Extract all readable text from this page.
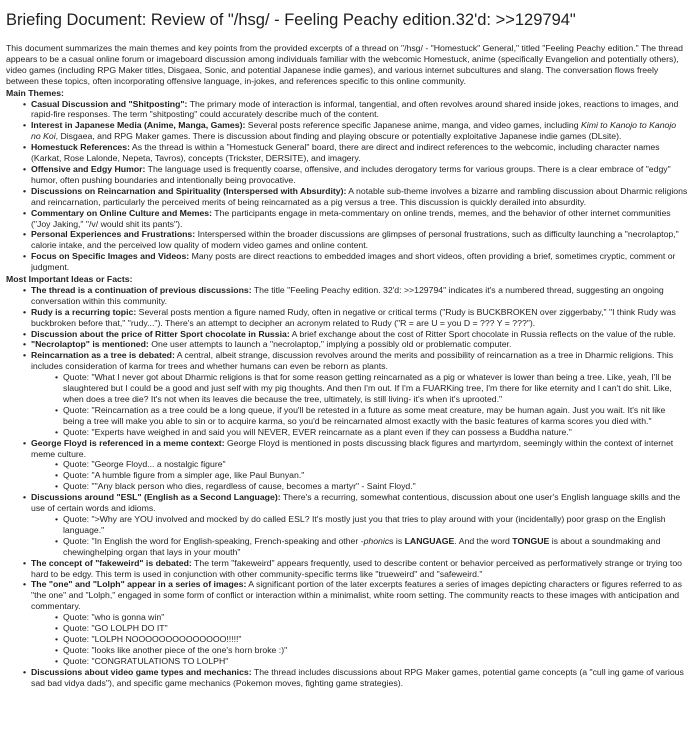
Briefing Document: Review of "/hsg/ - Feeling Peachy edition.32'd: >>129794"

This document summarizes the main themes and key points from the provided excerpts of a thread on "/hsg/ - "Homestuck" General," titled "Feeling Peachy edition." The thread appears to be a casual online forum or imageboard discussion among individuals familiar with the webcomic Homestuck, anime (specifically Evangelion and potentially others), video games (including RPG Maker titles, Disgaea, Sonic, and potential Japanese indie games), and various internet subcultures and slang. The conversation flows freely between these topics, often incorporating offensive language, in-jokes, and references specific to this online community.

Main Themes:
• Casual Discussion and "Shitposting": The primary mode of interaction is informal, tangential, and often revolves around shared inside jokes, reactions to images, and rapid-fire responses. The term "shitposting" could accurately describe much of the content.
• Interest in Japanese Media (Anime, Manga, Games): Several posts reference specific Japanese anime, manga, and video games, including Kimi to Kanojo to Kanojo no Koi, Disgaea, and RPG Maker games. There is discussion about finding and playing obscure or potentially exploitative Japanese indie games (DLsite).
• Homestuck References: As the thread is within a "Homestuck General" board, there are direct and indirect references to the webcomic, including character names (Karkat, Rose Lalonde, Nepeta, Tavros), concepts (Trickster, DERSITE), and imagery.
• Offensive and Edgy Humor: The language used is frequently coarse, offensive, and includes derogatory terms for various groups. There is a clear embrace of "edgy" humor, often pushing boundaries and intentionally being provocative.
• Discussions on Reincarnation and Spirituality (Interspersed with Absurdity): A notable sub-theme involves a bizarre and rambling discussion about Dharmic religions and reincarnation, particularly the perceived merits of being reincarnated as a pig versus a tree. This discussion is quickly derailed into absurdity.
• Commentary on Online Culture and Memes: The participants engage in meta-commentary on online trends, memes, and the behavior of other internet communities ("Joy Jaking," "/v/ would shit its pants").
• Personal Experiences and Frustrations: Interspersed within the broader discussions are glimpses of personal frustrations, such as difficulty launching a "necrolaptop," calorie intake, and the perceived low quality of modern video games and online content.
• Focus on Specific Images and Videos: Many posts are direct reactions to embedded images and short videos, often providing a brief, sometimes cryptic, comment or judgment.
Most Important Ideas or Facts:
• The thread is a continuation of previous discussions: The title "Feeling Peachy edition. 32'd: >>129794" indicates it's a numbered thread, suggesting an ongoing conversation within this community.
• Rudy is a recurring topic: Several posts mention a figure named Rudy, often in negative or critical terms ("Rudy is BUCKBROKEN over ziggerbaby," "I think Rudy was buckbroken before that," "rudy..."). There's an attempt to decipher an acronym related to Rudy ("R = are U = you D = ??? Y = ???").
• Discussion about the price of Ritter Sport chocolate in Russia: A brief exchange about the cost of Ritter Sport chocolate in Russia reflects on the value of the ruble.
• "Necrolaptop" is mentioned: One user attempts to launch a "necrolaptop," implying a possibly old or problematic computer.
• Reincarnation as a tree is debated: A central, albeit strange, discussion revolves around the merits and possibility of reincarnation as a tree in Dharmic religions. This includes consideration of karma for trees and whether humans can even be reborn as plants.
• Quote: "What I never got about Dharmic religions is that for some reason getting reincarnated as a pig or whatever is lower than being a tree. Like, yeah, I'll be slaughtered but I could be a good and just self with my pig thoughts. And then I'm out. If I'm a FUARKing tree, I'm there for like eternity and I can't do shit. Like, when does a tree die? It's not when its leaves die because the tree, ultimately, is still living- it's when it's uprooted."
• Quote: "Reincarnation as a tree could be a long queue, if you'll be retested in a future as some meat creature, may be human again. Just you wait. It's nit like being a tree will make you able to sin or to acquire karma, so you'd be reincarnated almost exactly with the basic features of karma scores you died with."
• Quote: "Experts have weighed in and said you will NEVER, EVER reincarnate as a plant even if they can possess a Buddha nature."
• George Floyd is referenced in a meme context: George Floyd is mentioned in posts discussing black figures and martyrdom, seemingly within the context of internet meme culture.
• Quote: "George Floyd... a nostalgic figure"
• Quote: "A humble figure from a simpler age, like Paul Bunyan."
• Quote: ""Any black person who dies, regardless of cause, becomes a martyr" - Saint Floyd."
• Discussions around "ESL" (English as a Second Language): There's a recurring, somewhat contentious, discussion about one user's English language skills and the use of certain words and idioms.
• Quote: ">Why are YOU involved and mocked by do called ESL? It's mostly just you that tries to play around with your (incidentally) poor grasp on the English language."
• Quote: "In English the word for English-speaking, French-speaking and other -phonics is LANGUAGE. And the word TONGUE is about a soundmaking and chewinghelping organ that lays in your mouth"
• The concept of "fakeweird" is debated: The term "fakeweird" appears frequently, used to describe content or behavior perceived as performatively strange or trying too hard to be edgy. This term is used in conjunction with other community-specific terms like "trueweird" and "safeweird."
• The "one" and "Lolph" appear in a series of images: A significant portion of the later excerpts features a series of images depicting characters or figures referred to as "the one" and "Lolph," engaged in some form of conflict or interaction within a minimalist, white room setting. The community reacts to these images with anticipation and commentary.
• Quote: "who is gonna win"
• Quote: "GO LOLPH DO IT"
• Quote: "LOLPH NOOOOOOOOOOOOOO!!!!!"
• Quote: "looks like another piece of the one's horn broke :)"
• Quote: "CONGRATULATIONS TO LOLPH"
• Discussions about video game types and mechanics: The thread includes discussions about RPG Maker games, potential game concepts (a "cull ing game of various sad bad vidya dads"), and specific game mechanics (Pokemon moves, fighting game strategies).
